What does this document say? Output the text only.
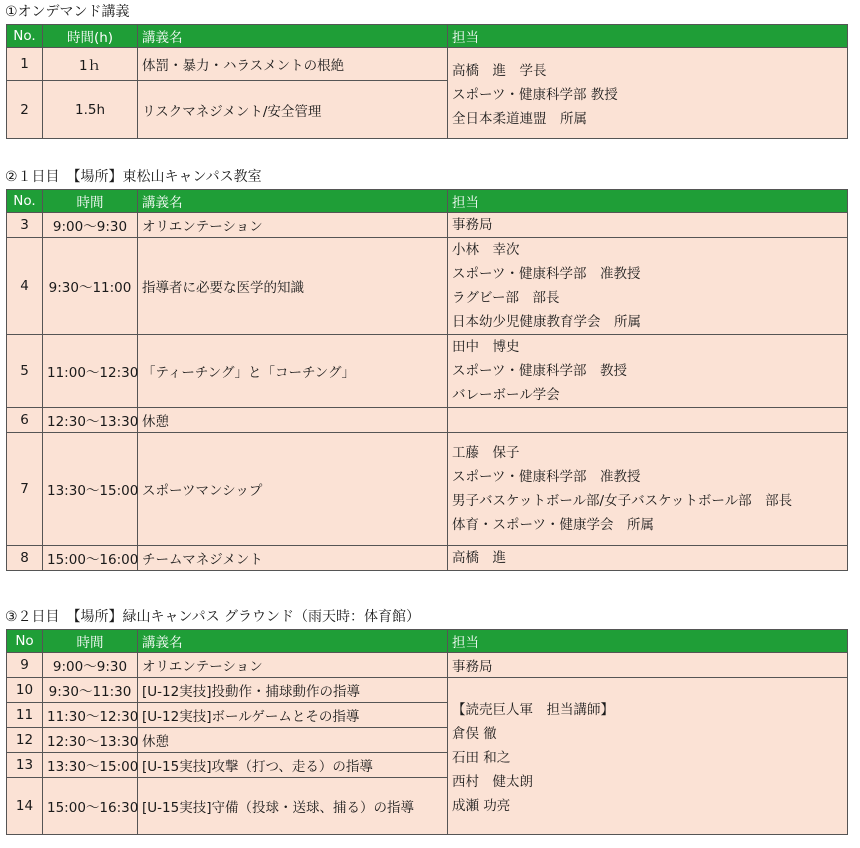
①オンデマンド講義
No.	時間(h)	講義名	担当
1	1ｈ	体罰・暴力・ハラスメントの根絶	高橋　進　学長
スポーツ・健康科学部 教授
全日本柔道連盟　所属

2	1.5h	リスクマネジメント/安全管理	
②１日目　【場所】東松山キャンパス教室
No.	時間	講義名	担当
3	9:00～9:30	オリエンテーション	事務局

4	9:30～11:00	指導者に必要な医学的知識	小林　幸次
スポーツ・健康科学部　准教授
ラグビー部　部長
日本幼少児健康教育学会　所属

5	11:00～12:30	「ティーチング」と「コーチング」	田中　博史
スポーツ・健康科学部　教授
バレーボール学会

6	12:30～13:30	休憩	

7	13:30～15:00	スポーツマンシップ	工藤　保子
スポーツ・健康科学部　准教授
男子バスケットボール部/女子バスケットボール部　部長
体育・スポーツ・健康学会　所属

8	15:00～16:00	チームマネジメント	高橋　進
③２日目　【場所】緑山キャンパス グラウンド（雨天時：体育館）
No	時間	講義名	担当
9	9:00～9:30	オリエンテーション	事務局
10	9:30～11:30	[U-12実技]投動作・捕球動作の指導	【読売巨人軍　担当講師】
倉俣 徹
石田 和之
西村　健太朗
成瀬 功亮

11	11:30～12:30	[U-12実技]ボールゲームとその指導	
12	12:30～13:30	休憩	
13	13:30～15:00	[U-15実技]攻撃（打つ、走る）の指導	
14	15:00～16:30	[U-15実技]守備（投球・送球、捕る）の指導	
